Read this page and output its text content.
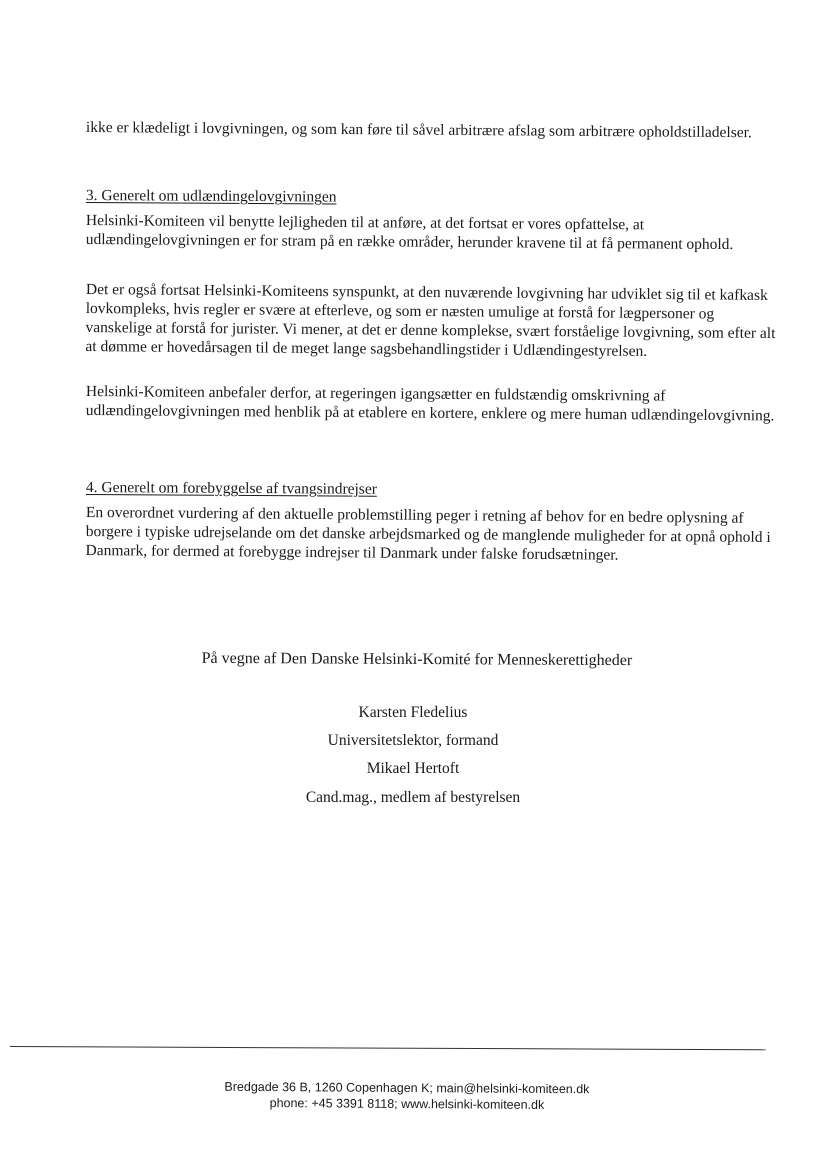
ikke er klædeligt i lovgivningen, og som kan føre til såvel arbitrære afslag som arbitrære opholdstilladelser.

3. Generelt om udlændingelovgivningen

Helsinki-Komiteen vil benytte lejligheden til at anføre, at det fortsat er vores opfattelse, at udlændingelovgivningen er for stram på en række områder, herunder kravene til at få permanent ophold.

Det er også fortsat Helsinki-Komiteens synspunkt, at den nuværende lovgivning har udviklet sig til et kafkask lovkompleks, hvis regler er svære at efterleve, og som er næsten umulige at forstå for lægpersoner og vanskelige at forstå for jurister. Vi mener, at det er denne komplekse, svært forståelige lovgivning, som efter alt at dømme er hovedårsagen til de meget lange sagsbehandlingstider i Udlændingestyrelsen.

Helsinki-Komiteen anbefaler derfor, at regeringen igangsætter en fuldstændig omskrivning af udlændingelovgivningen med henblik på at etablere en kortere, enklere og mere human udlændingelovgivning.

4. Generelt om forebyggelse af tvangsindrejser

En overordnet vurdering af den aktuelle problemstilling peger i retning af behov for en bedre oplysning af borgere i typiske udrejselande om det danske arbejdsmarked og de manglende muligheder for at opnå ophold i Danmark, for dermed at forebygge indrejser til Danmark under falske forudsætninger.

På vegne af Den Danske Helsinki-Komité for Menneskerettigheder
Karsten Fledelius
Universitetslektor, formand
Mikael Hertoft
Cand.mag., medlem af bestyrelsen
Bredgade 36 B, 1260 Copenhagen K; main@helsinki-komiteen.dk
phone: +45 3391 8118; www.helsinki-komiteen.dk
